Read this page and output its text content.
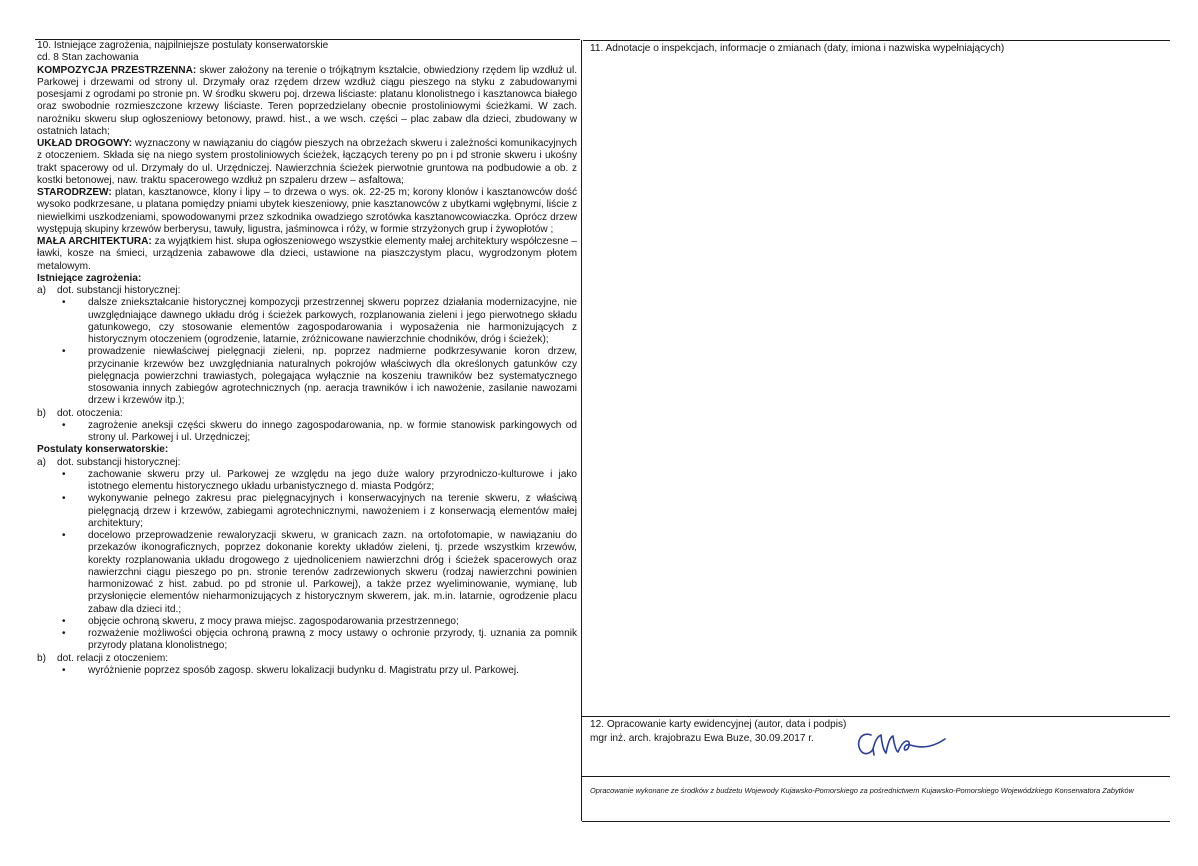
10. Istniejące zagrożenia, najpilniejsze postulaty konserwatorskie

cd. 8 Stan zachowania

KOMPOZYCJA PRZESTRZENNA: skwer założony na terenie o trójkątnym kształcie, obwiedziony rzędem lip wzdłuż ul. Parkowej i drzewami od strony ul. Drzymały oraz rzędem drzew wzdłuż ciągu pieszego na styku z zabudowanymi posesjami z ogrodami po stronie pn. W środku skweru poj. drzewa liściaste: platanu klonolistnego i kasztanowca białego oraz swobodnie rozmieszczone krzewy liściaste. Teren poprzedzielany obecnie prostoliniowymi ścieżkami. W zach. narożniku skweru słup ogłoszeniowy betonowy, prawd. hist., a we wsch. części – plac zabaw dla dzieci, zbudowany w ostatnich latach;

UKŁAD DROGOWY: wyznaczony w nawiązaniu do ciągów pieszych na obrzeżach skweru i zależności komunikacyjnych z otoczeniem. Składa się na niego system prostoliniowych ścieżek, łączących tereny po pn i pd stronie skweru i ukośny trakt spacerowy od ul. Drzymały do ul. Urzędniczej. Nawierzchnia ścieżek pierwotnie gruntowa na podbudowie a ob. z kostki betonowej, naw. traktu spacerowego wzdłuż pn szpaleru drzew – asfaltowa;

STARODRZEW: platan, kasztanowce, klony i lipy – to drzewa o wys. ok. 22-25 m; korony klonów i kasztanowców dość wysoko podkrzesane, u platana pomiędzy pniami ubytek kieszeniowy, pnie kasztanowców z ubytkami wgłębnymi, liście z niewielkimi uszkodzeniami, spowodowanymi przez szkodnika owadziego szrotówka kasztanowcowiaczka. Oprócz drzew występują skupiny krzewów berberysu, tawuły, ligustra, jaśminowca i róży, w formie strzyżonych grup i żywopłotów ;

MAŁA ARCHITEKTURA: za wyjątkiem hist. słupa ogłoszeniowego wszystkie elementy małej architektury współczesne – ławki, kosze na śmieci, urządzenia zabawowe dla dzieci, ustawione na piaszczystym placu, wygrodzonym płotem metalowym.

Istniejące zagrożenia:

a) dot. substancji historycznej:

• dalsze zniekształcanie historycznej kompozycji przestrzennej skweru poprzez działania modernizacyjne, nie uwzględniające dawnego układu dróg i ścieżek parkowych, rozplanowania zieleni i jego pierwotnego składu gatunkowego, czy stosowanie elementów zagospodarowania i wyposażenia nie harmonizujących z historycznym otoczeniem (ogrodzenie, latarnie, zróżnicowane nawierzchnie chodników, dróg i ścieżek);
• prowadzenie niewłaściwej pielęgnacji zieleni, np. poprzez nadmierne podkrzesywanie koron drzew, przycinanie krzewów bez uwzględniania naturalnych pokrojów właściwych dla określonych gatunków czy pielęgnacja powierzchni trawiastych, polegająca wyłącznie na koszeniu trawników bez systematycznego stosowania innych zabiegów agrotechnicznych (np. aeracja trawników i ich nawożenie, zasilanie nawozami drzew i krzewów itp.);

b) dot. otoczenia:

• zagrożenie aneksji części skweru do innego zagospodarowania, np. w formie stanowisk parkingowych od strony ul. Parkowej i ul. Urzędniczej;

Postulaty konserwatorskie:

a) dot. substancji historycznej:

• zachowanie skweru przy ul. Parkowej ze względu na jego duże walory przyrodniczo-kulturowe i jako istotnego elementu historycznego układu urbanistycznego d. miasta Podgórz;
• wykonywanie pełnego zakresu prac pielęgnacyjnych i konserwacyjnych na terenie skweru, z właściwą pielęgnacją drzew i krzewów, zabiegami agrotechnicznymi, nawożeniem i z konserwacją elementów małej architektury;
• docelowo przeprowadzenie rewaloryzacji skweru, w granicach zazn. na ortofotomapie, w nawiązaniu do przekazów ikonograficznych, poprzez dokonanie korekty układów zieleni, tj. przede wszystkim krzewów, korekty rozplanowania układu drogowego z ujednoliceniem nawierzchni dróg i ścieżek spacerowych oraz nawierzchni ciągu pieszego po pn. stronie terenów zadrzewionych skweru (rodzaj nawierzchni powinien harmonizować z hist. zabud. po pd stronie ul. Parkowej), a także przez wyeliminowanie, wymianę, lub przysłonięcie elementów nieharmonizujących z historycznym skwerem, jak. m.in. latarnie, ogrodzenie placu zabaw dla dzieci itd.;
• objęcie ochroną skweru, z mocy prawa miejsc. zagospodarowania przestrzennego;
• rozważenie możliwości objęcia ochroną prawną z mocy ustawy o ochronie przyrody, tj. uznania za pomnik przyrody platana klonolistnego;

b) dot. relacji z otoczeniem:

• wyróżnienie poprzez sposób zagosp. skweru lokalizacji budynku d. Magistratu przy ul. Parkowej.
11. Adnotacje o inspekcjach, informacje o zmianach (daty, imiona i nazwiska wypełniających)
12. Opracowanie karty ewidencyjnej (autor, data i podpis)
mgr inż. arch. krajobrazu Ewa Buze, 30.09.2017 r.
Opracowanie wykonane ze środków z budżetu Wojewody Kujawsko-Pomorskiego za pośrednictwem Kujawsko-Pomorskiego Wojewódzkiego Konserwatora Zabytków
